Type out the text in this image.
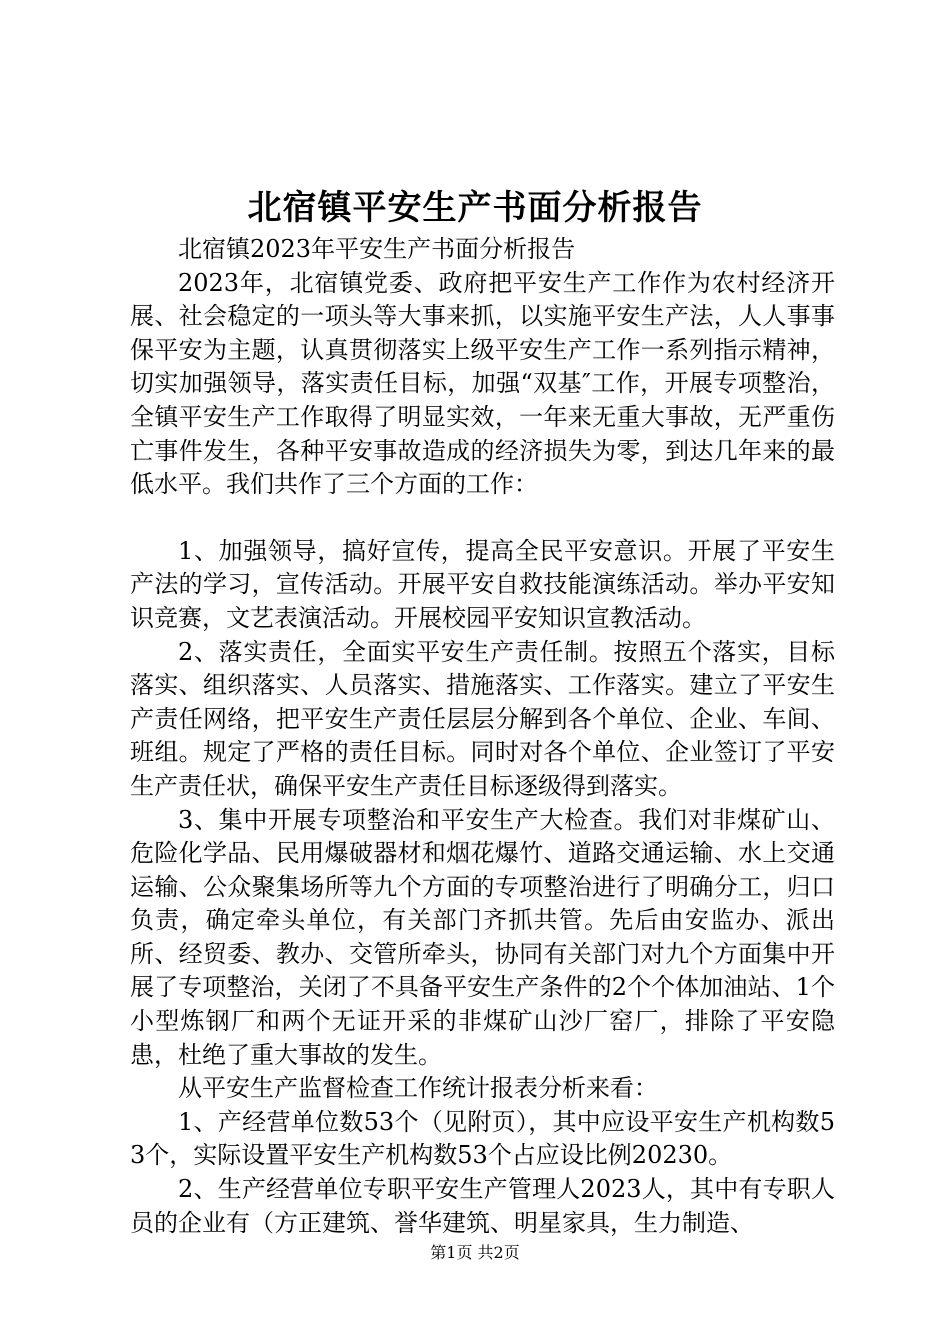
北宿镇平安生产书面分析报告

北宿镇2023年平安生产书面分析报告

2023年，北宿镇党委、政府把平安生产工作作为农村经济开展、社会稳定的一项头等大事来抓，以实施平安生产法，人人事事保平安为主题，认真贯彻落实上级平安生产工作一系列指示精神，切实加强领导，落实责任目标，加强“双基″工作，开展专项整治，全镇平安生产工作取得了明显实效，一年来无重大事故，无严重伤亡事件发生，各种平安事故造成的经济损失为零，到达几年来的最低水平。我们共作了三个方面的工作：

1、加强领导，搞好宣传，提高全民平安意识。开展了平安生产法的学习，宣传活动。开展平安自救技能演练活动。举办平安知识竞赛，文艺表演活动。开展校园平安知识宣教活动。

2、落实责任，全面实平安生产责任制。按照五个落实，目标落实、组织落实、人员落实、措施落实、工作落实。建立了平安生产责任网络，把平安生产责任层层分解到各个单位、企业、车间、班组。规定了严格的责任目标。同时对各个单位、企业签订了平安生产责任状，确保平安生产责任目标逐级得到落实。

3、集中开展专项整治和平安生产大检查。我们对非煤矿山、危险化学品、民用爆破器材和烟花爆竹、道路交通运输、水上交通运输、公众聚集场所等九个方面的专项整治进行了明确分工，归口负责，确定牵头单位，有关部门齐抓共管。先后由安监办、派出所、经贸委、教办、交管所牵头，协同有关部门对九个方面集中开展了专项整治，关闭了不具备平安生产条件的2个个体加油站、1个小型炼钢厂和两个无证开采的非煤矿山沙厂窑厂，排除了平安隐患，杜绝了重大事故的发生。

从平安生产监督检查工作统计报表分析来看：

1、产经营单位数53个（见附页），其中应设平安生产机构数53个，实际设置平安生产机构数53个占应设比例20230。

2、生产经营单位专职平安生产管理人2023人，其中有专职人员的企业有（方正建筑、誉华建筑、明星家具，生力制造、

第1页 共2页
